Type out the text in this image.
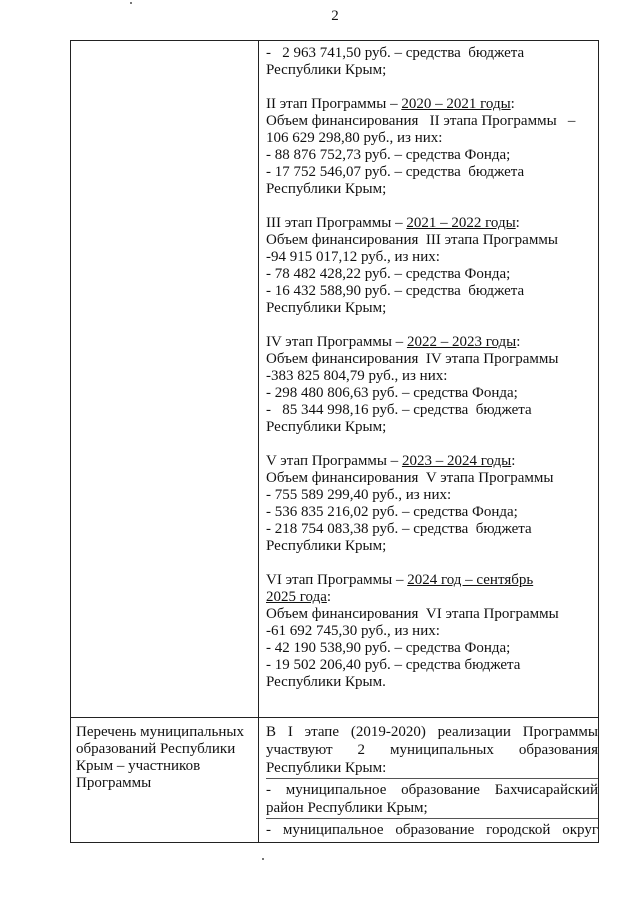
2
-   2 963 741,50 руб. – средства  бюджета
Республики Крым;
II этап Программы – 2020 – 2021 годы:
Объем финансирования   II этапа Программы   –
106 629 298,80 руб., из них:
- 88 876 752,73 руб. – средства Фонда;
- 17 752 546,07 руб. – средства  бюджета
Республики Крым;
III этап Программы – 2021 – 2022 годы:
Объем финансирования  III этапа Программы
-94 915 017,12 руб., из них:
- 78 482 428,22 руб. – средства Фонда;
- 16 432 588,90 руб. – средства  бюджета
Республики Крым;
IV этап Программы – 2022 – 2023 годы:
Объем финансирования  IV этапа Программы
-383 825 804,79 руб., из них:
- 298 480 806,63 руб. – средства Фонда;
-   85 344 998,16 руб. – средства  бюджета
Республики Крым;
V этап Программы – 2023 – 2024 годы:
Объем финансирования  V этапа Программы
- 755 589 299,40 руб., из них:
- 536 835 216,02 руб. – средства Фонда;
- 218 754 083,38 руб. – средства  бюджета
Республики Крым;
VI этап Программы – 2024 год – сентябрь
2025 года:
Объем финансирования  VI этапа Программы
-61 692 745,30 руб., из них:
- 42 190 538,90 руб. – средства Фонда;
- 19 502 206,40 руб. – средства бюджета
Республики Крым.
Перечень муниципальных образований Республики Крым – участников Программы
В I этапе (2019-2020) реализации Программы
участвуют 2 муниципальных образования
Республики Крым:
- муниципальное образование Бахчисарайский
район Республики Крым;
- муниципальное образование городской округ
